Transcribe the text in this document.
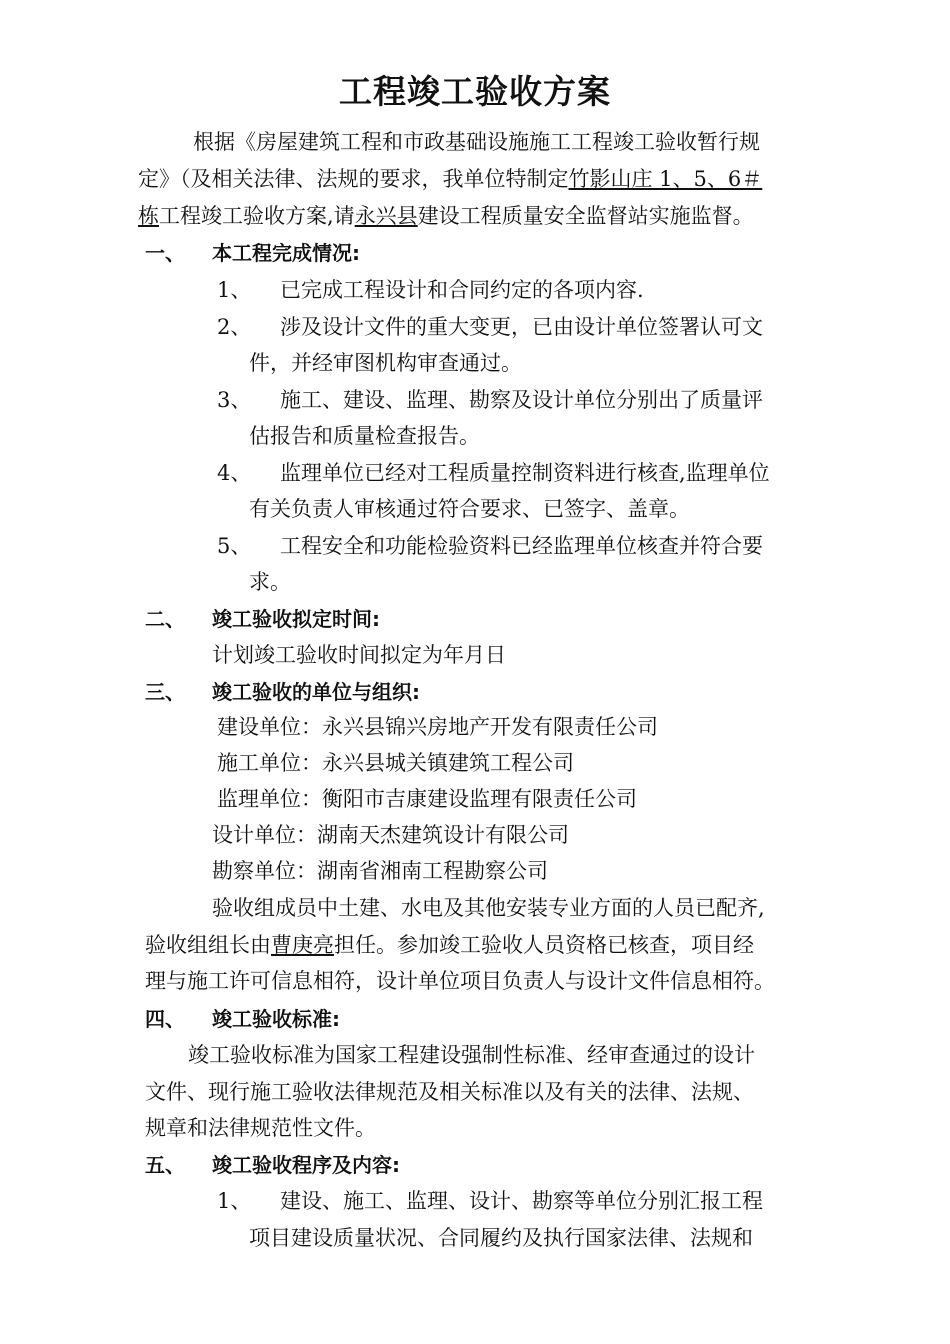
工程竣工验收方案
根据《房屋建筑工程和市政基础设施施工工程竣工验收暂行规
定》（及相关法律、法规的要求，我单位特制定竹影山庄 1、5、6＃
栋工程竣工验收方案,请永兴县建设工程质量安全监督站实施监督。
一、 本工程完成情况:
1、 已完成工程设计和合同约定的各项内容.
2、 涉及设计文件的重大变更，已由设计单位签署认可文
件，并经审图机构审查通过。
3、 施工、建设、监理、勘察及设计单位分别出了质量评
估报告和质量检查报告。
4、 监理单位已经对工程质量控制资料进行核查,监理单位
有关负责人审核通过符合要求、已签字、盖章。
5、 工程安全和功能检验资料已经监理单位核查并符合要
求。
二、 竣工验收拟定时间:
计划竣工验收时间拟定为年月日
三、 竣工验收的单位与组织:
建设单位：永兴县锦兴房地产开发有限责任公司
施工单位：永兴县城关镇建筑工程公司
监理单位：衡阳市吉康建设监理有限责任公司
设计单位：湖南天杰建筑设计有限公司
勘察单位：湖南省湘南工程勘察公司
验收组成员中土建、水电及其他安装专业方面的人员已配齐,
验收组组长由曹庚亮担任。参加竣工验收人员资格已核查，项目经
理与施工许可信息相符，设计单位项目负责人与设计文件信息相符。
四、 竣工验收标准:
竣工验收标准为国家工程建设强制性标准、经审查通过的设计
文件、现行施工验收法律规范及相关标准以及有关的法律、法规、
规章和法律规范性文件。
五、 竣工验收程序及内容:
1、 建设、施工、监理、设计、勘察等单位分别汇报工程
项目建设质量状况、合同履约及执行国家法律、法规和
